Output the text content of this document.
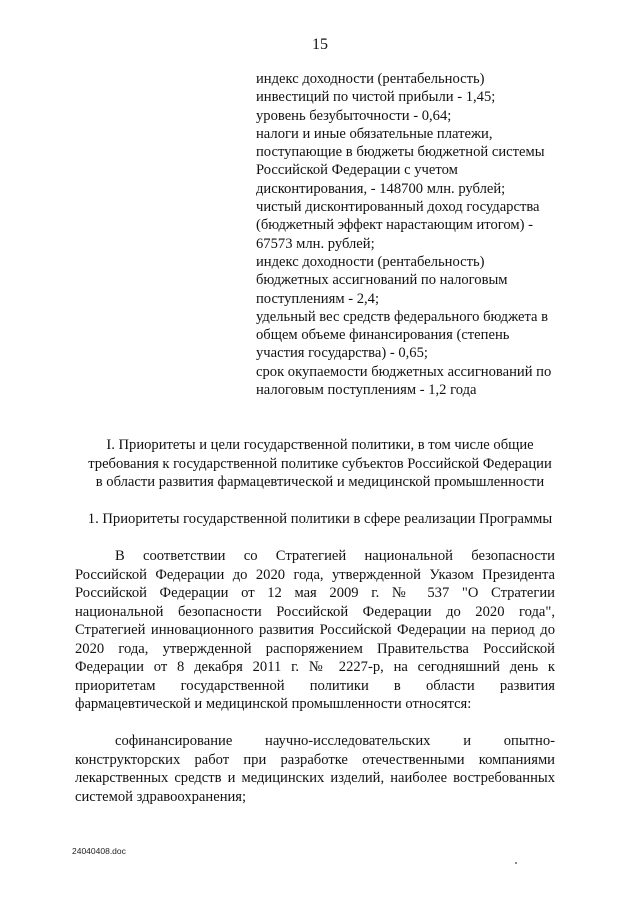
15
индекс доходности (рентабельность)
инвестиций по чистой прибыли - 1,45;
уровень безубыточности - 0,64;
налоги и иные обязательные платежи,
поступающие в бюджеты бюджетной системы
Российской Федерации с учетом
дисконтирования, - 148700 млн. рублей;
чистый дисконтированный доход государства
(бюджетный эффект нарастающим итогом) -
67573 млн. рублей;
индекс доходности (рентабельность)
бюджетных ассигнований по налоговым
поступлениям - 2,4;
удельный вес средств федерального бюджета в
общем объеме финансирования (степень
участия государства) - 0,65;
срок окупаемости бюджетных ассигнований по
налоговым поступлениям - 1,2 года
I. Приоритеты и цели государственной политики, в том числе общие
требования к государственной политике субъектов Российской Федерации
в области развития фармацевтической и медицинской промышленности
1. Приоритеты государственной политики в сфере реализации Программы
В соответствии со Стратегией национальной безопасности
Российской Федерации до 2020 года, утвержденной Указом Президента
Российской Федерации от 12 мая 2009 г. № 537 "О Стратегии
национальной безопасности Российской Федерации до 2020 года",
Стратегией инновационного развития Российской Федерации на период до
2020 года, утвержденной распоряжением Правительства Российской
Федерации от 8 декабря 2011 г. № 2227-р, на сегодняшний день к
приоритетам государственной политики в области развития
фармацевтической и медицинской промышленности относятся:
софинансирование научно-исследовательских и опытно-
конструкторских работ при разработке отечественными компаниями
лекарственных средств и медицинских изделий, наиболее востребованных
системой здравоохранения;
24040408.doc
